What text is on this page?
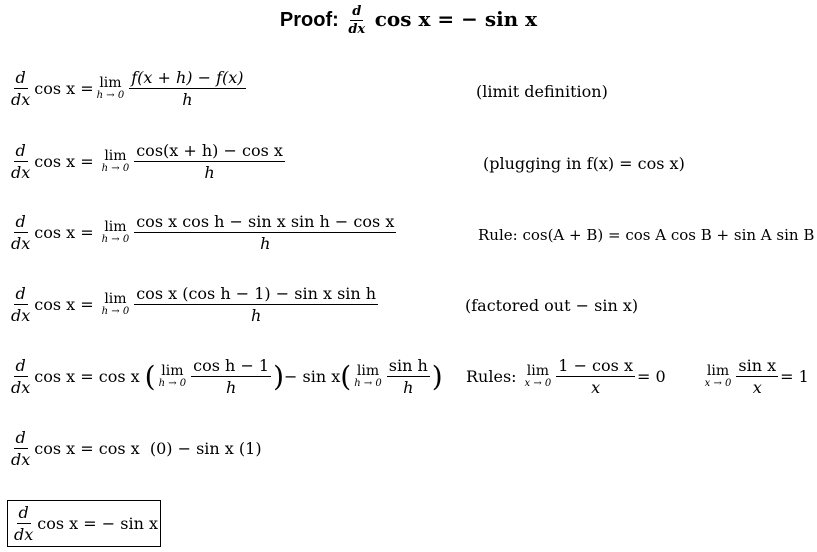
Proof: $\frac{d}{dx}$ cos x = − sin x
$\frac{d}{dx}$ cos x = lim
$h \to 0 \frac{f(x + h) - f(x)}{h}$	(limit definition)
$\frac{d}{dx}$ cos x = lim
$h \to 0 \frac{\text{cos(x + h) − cos x}}{h}$	(plugging in f(x) = cos x)
$\frac{d}{dx}$ cos x = lim
$h \to 0 \frac{\text{cos x cos h − sin x sin h − cos x}}{h}$	Rule: cos(A + B) = cos A cos B + sin A sin B
$\frac{d}{dx}$ cos x = lim
$h \to 0 \frac{\text{cos x (cos h − 1) − sin x sin h}}{h}$	(factored out − sin x)
$\frac{d}{dx}$ cos x = cos x ( lim
$h \to 0 \frac{\text{cos h − 1}}{h}$ ) − sin x ( lim
$h \to 0 \frac{\text{sin h}}{h}$ ) Rules: lim
$x \to 0 \frac{\text{1 − cos x}}{x} = 0$	lim
$x \to 0 \frac{\text{sin x}}{x} = 1$
$\frac{d}{dx}$ cos x = cos x  (0) − sin x (1)
$\frac{d}{dx}$ cos x = − sin x
